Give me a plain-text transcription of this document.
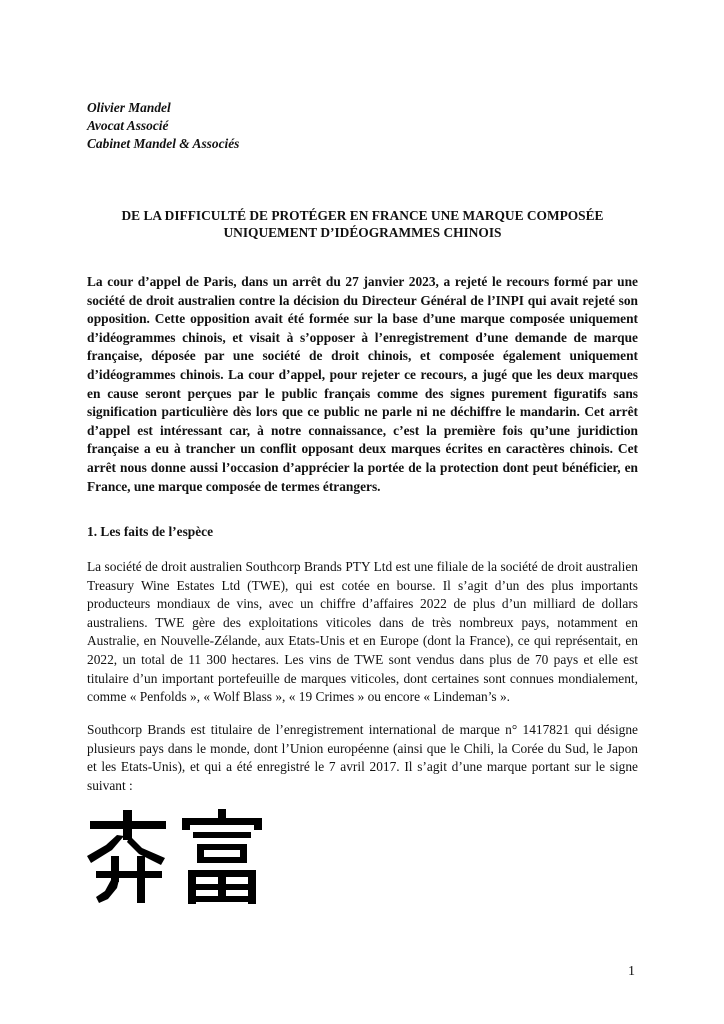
Olivier Mandel
Avocat Associé
Cabinet Mandel & Associés
DE LA DIFFICULTÉ DE PROTÉGER EN FRANCE UNE MARQUE COMPOSÉE
UNIQUEMENT D’IDÉOGRAMMES CHINOIS

La cour d’appel de Paris, dans un arrêt du 27 janvier 2023, a rejeté le recours formé par une société de droit australien contre la décision du Directeur Général de l’INPI qui avait rejeté son opposition. Cette opposition avait été formée sur la base d’une marque composée uniquement d’idéogrammes chinois, et visait à s’opposer à l’enregistrement d’une demande de marque française, déposée par une société de droit chinois, et composée également uniquement d’idéogrammes chinois. La cour d’appel, pour rejeter ce recours, a jugé que les deux marques en cause seront perçues par le public français comme des signes purement figuratifs sans signification particulière dès lors que ce public ne parle ni ne déchiffre le mandarin. Cet arrêt d’appel est intéressant car, à notre connaissance, c’est la première fois qu’une juridiction française a eu à trancher un conflit opposant deux marques écrites en caractères chinois. Cet arrêt nous donne aussi l’occasion d’apprécier la portée de la protection dont peut bénéficier, en France, une marque composée de termes étrangers.

1. Les faits de l’espèce

La société de droit australien Southcorp Brands PTY Ltd est une filiale de la société de droit australien Treasury Wine Estates Ltd (TWE), qui est cotée en bourse. Il s’agit d’un des plus importants producteurs mondiaux de vins, avec un chiffre d’affaires 2022 de plus d’un milliard de dollars australiens. TWE gère des exploitations viticoles dans de très nombreux pays, notamment en Australie, en Nouvelle-Zélande, aux Etats-Unis et en Europe (dont la France), ce qui représentait, en 2022, un total de 11 300 hectares. Les vins de TWE sont vendus dans plus de 70 pays et elle est titulaire d’un important portefeuille de marques viticoles, dont certaines sont connues mondialement, comme « Penfolds », « Wolf Blass », « 19 Crimes » ou encore « Lindeman’s ».

Southcorp Brands est titulaire de l’enregistrement international de marque n° 1417821 qui désigne plusieurs pays dans le monde, dont l’Union européenne (ainsi que le Chili, la Corée du Sud, le Japon et les Etats-Unis), et qui a été enregistré le 7 avril 2017. Il s’agit d’une marque portant sur le signe suivant :

1
